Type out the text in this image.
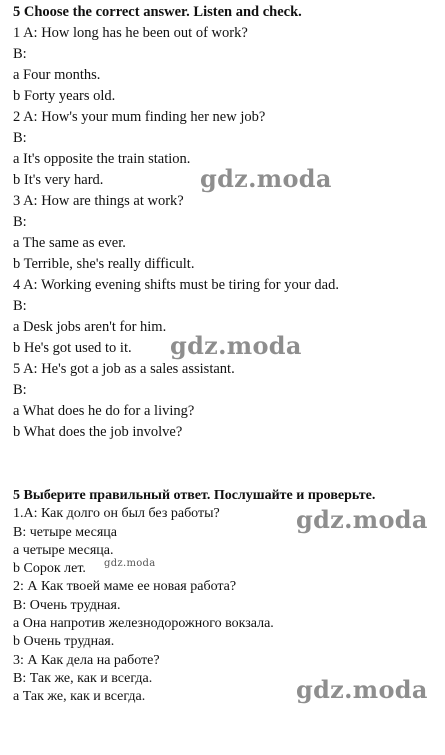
5 Choose the correct answer. Listen and check.
1 A: How long has he been out of work?
B:
a Four months.
b Forty years old.
2 A: How's your mum finding her new job?
B:
a It's opposite the train station.
b It's very hard.
3 A: How are things at work?
B:
a The same as ever.
b Terrible, she's really difficult.
4 A: Working evening shifts must be tiring for your dad.
B:
a Desk jobs aren't for him.
b He's got used to it.
5 A: He's got a job as a sales assistant.
B:
a What does he do for a living?
b What does the job involve?
5 Выберите правильный ответ. Послушайте и проверьте.
1.А: Как долго он был без работы?
В: четыре месяца
а четыре месяца.
b Сорок лет.
2: А Как твоей маме ее новая работа?
В: Очень трудная.
а Она напротив железнодорожного вокзала.
b Очень трудная.
3: А Как дела на работе?
В: Так же, как и всегда.
а Так же, как и всегда.
gdz.moda
gdz.moda
gdz.moda
gdz.moda
gdz.moda
